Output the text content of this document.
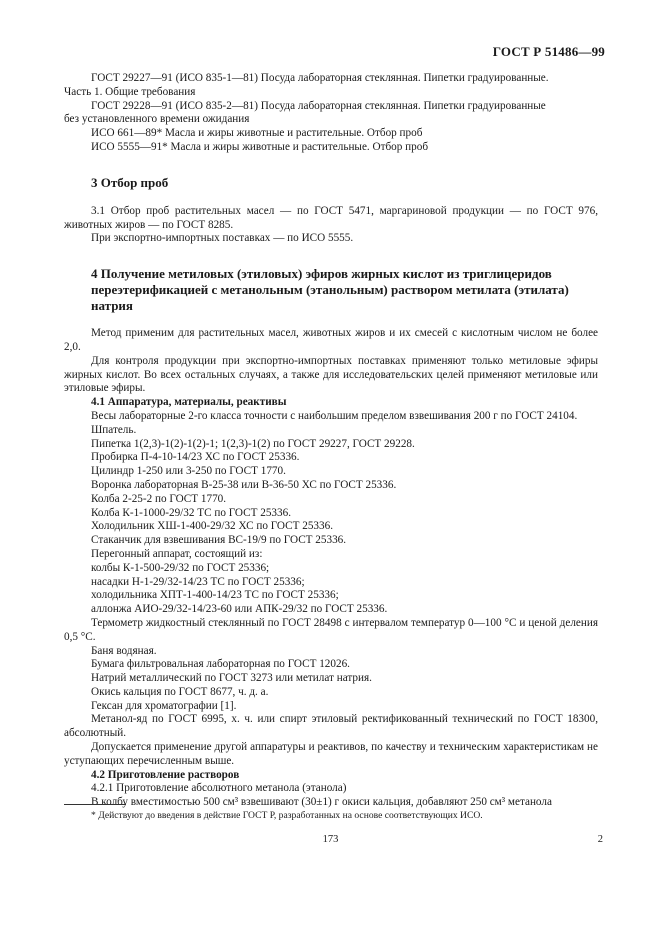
ГОСТ Р 51486—99

ГОСТ 29227—91 (ИСО 835-1—81) Посуда лабораторная стеклянная. Пипетки градуированные.

Часть 1. Общие требования

ГОСТ 29228—91 (ИСО 835-2—81) Посуда лабораторная стеклянная. Пипетки градуированные

без установленного времени ожидания

ИСО 661—89* Масла и жиры животные и растительные. Отбор проб

ИСО 5555—91* Масла и жиры животные и растительные. Отбор проб

3 Отбор проб

3.1 Отбор проб растительных масел — по ГОСТ 5471, маргариновой продукции — по ГОСТ 976, животных жиров — по ГОСТ 8285.

При экспортно-импортных поставках — по ИСО 5555.

4 Получение метиловых (этиловых) эфиров жирных кислот из триглицеридов переэтерификацией с метанольным (этанольным) раствором метилата (этилата) натрия

Метод применим для растительных масел, животных жиров и их смесей с кислотным числом не более 2,0.

Для контроля продукции при экспортно-импортных поставках применяют только метиловые эфиры жирных кислот. Во всех остальных случаях, а также для исследовательских целей применяют метиловые или этиловые эфиры.

4.1 Аппаратура, материалы, реактивы

Весы лабораторные 2-го класса точности с наибольшим пределом взвешивания 200 г по ГОСТ 24104.

Шпатель.

Пипетка 1(2,3)-1(2)-1(2)-1; 1(2,3)-1(2) по ГОСТ 29227, ГОСТ 29228.

Пробирка П-4-10-14/23 ХС по ГОСТ 25336.

Цилиндр 1-250 или 3-250 по ГОСТ 1770.

Воронка лабораторная В-25-38 или В-36-50 ХС по ГОСТ 25336.

Колба 2-25-2 по ГОСТ 1770.

Колба К-1-1000-29/32 ТС по ГОСТ 25336.

Холодильник ХШ-1-400-29/32 ХС по ГОСТ 25336.

Стаканчик для взвешивания ВС-19/9 по ГОСТ 25336.

Перегонный аппарат, состоящий из:

колбы К-1-500-29/32 по ГОСТ 25336;

насадки Н-1-29/32-14/23 ТС по ГОСТ 25336;

холодильника ХПТ-1-400-14/23 ТС по ГОСТ 25336;

аллонжа АИО-29/32-14/23-60 или АПК-29/32 по ГОСТ 25336.

Термометр жидкостный стеклянный по ГОСТ 28498 с интервалом температур 0—100 °С и ценой деления 0,5 °С.

Баня водяная.

Бумага фильтровальная лабораторная по ГОСТ 12026.

Натрий металлический по ГОСТ 3273 или метилат натрия.

Окись кальция по ГОСТ 8677, ч. д. а.

Гексан для хроматографии [1].

Метанол-яд по ГОСТ 6995, х. ч. или спирт этиловый ректификованный технический по ГОСТ 18300, абсолютный.

Допускается применение другой аппаратуры и реактивов, по качеству и техническим характеристикам не уступающих перечисленным выше.

4.2 Приготовление растворов

4.2.1 Приготовление абсолютного метанола (этанола)

В колбу вместимостью 500 см³ взвешивают (30±1) г окиси кальция, добавляют 250 см³ метанола

* Действуют до введения в действие ГОСТ Р, разработанных на основе соответствующих ИСО.

173	2
